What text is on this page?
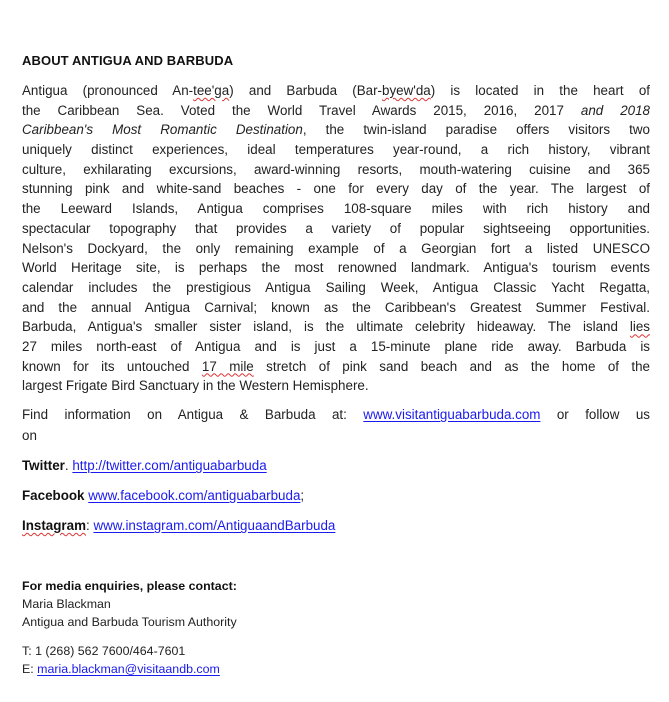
ABOUT ANTIGUA AND BARBUDA
Antigua (pronounced An-tee'ga) and Barbuda (Bar-byew'da) is located in the heart of
the Caribbean Sea. Voted the World Travel Awards 2015, 2016, 2017 and 2018
Caribbean's Most Romantic Destination, the twin-island paradise offers visitors two
uniquely distinct experiences, ideal temperatures year-round, a rich history, vibrant
culture, exhilarating excursions, award-winning resorts, mouth-watering cuisine and 365
stunning pink and white-sand beaches - one for every day of the year. The largest of
the Leeward Islands, Antigua comprises 108-square miles with rich history and
spectacular topography that provides a variety of popular sightseeing opportunities.
Nelson's Dockyard, the only remaining example of a Georgian fort a listed UNESCO
World Heritage site, is perhaps the most renowned landmark. Antigua's tourism events
calendar includes the prestigious Antigua Sailing Week, Antigua Classic Yacht Regatta,
and the annual Antigua Carnival; known as the Caribbean's Greatest Summer Festival.
Barbuda, Antigua's smaller sister island, is the ultimate celebrity hideaway. The island lies
27 miles north-east of Antigua and is just a 15-minute plane ride away. Barbuda is
known for its untouched 17 mile stretch of pink sand beach and as the home of the
largest Frigate Bird Sanctuary in the Western Hemisphere.
Find information on Antigua & Barbuda at: www.visitantiguabarbuda.com or follow us
on
Twitter. http://twitter.com/antiguabarbuda
Facebook www.facebook.com/antiguabarbuda;
Instagram: www.instagram.com/AntiguaandBarbuda
For media enquiries, please contact:
Maria Blackman
Antigua and Barbuda Tourism Authority
T: 1 (268) 562 7600/464-7601
E: maria.blackman@visitaandb.com
